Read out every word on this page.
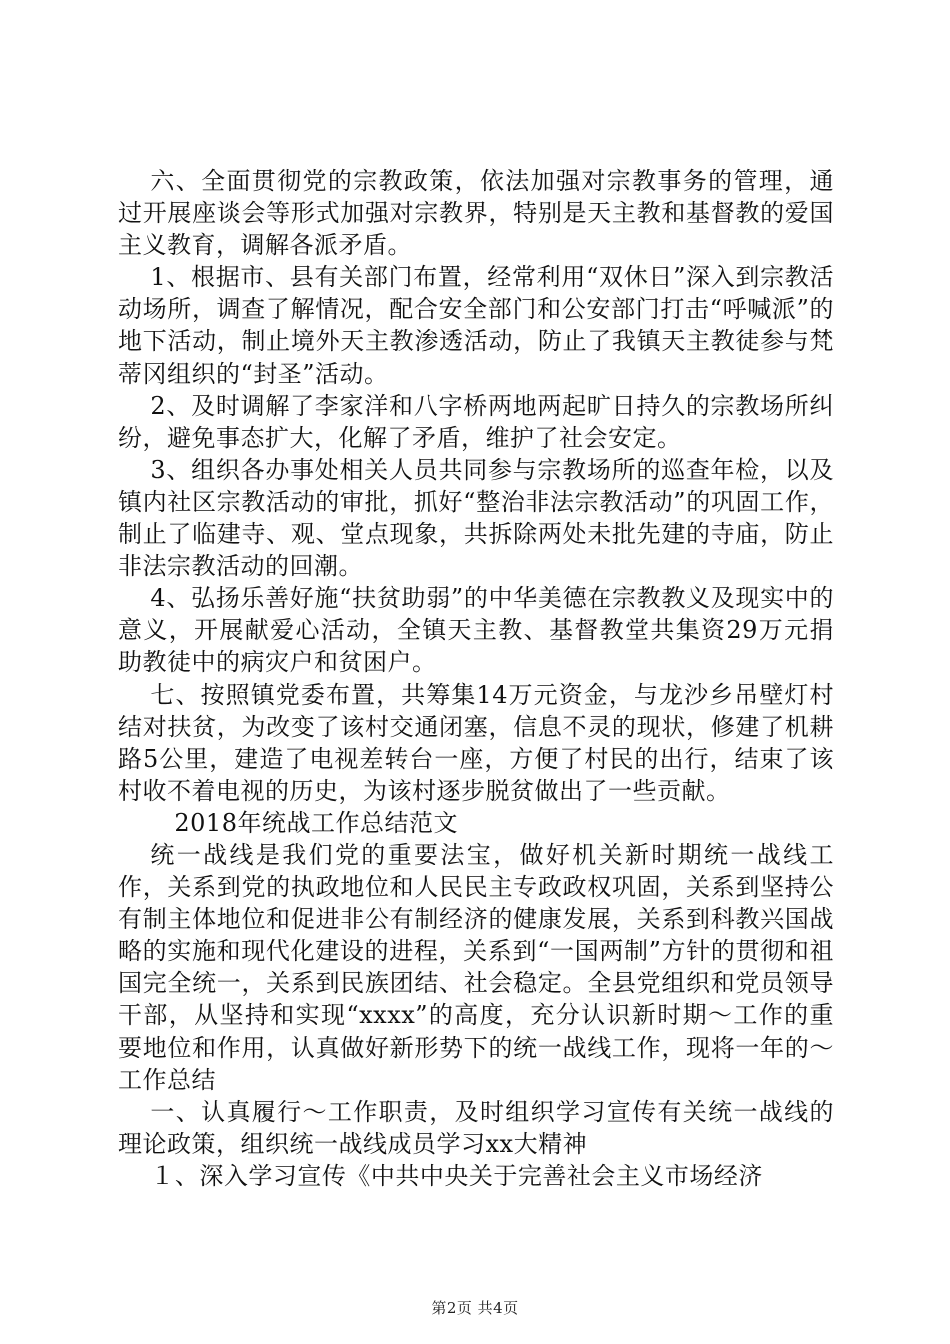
六、全面贯彻党的宗教政策，依法加强对宗教事务的管理，通过开展座谈会等形式加强对宗教界，特别是天主教和基督教的爱国主义教育，调解各派矛盾。

1、根据市、县有关部门布置，经常利用“双休日”深入到宗教活动场所，调查了解情况，配合安全部门和公安部门打击“呼喊派”的地下活动，制止境外天主教渗透活动，防止了我镇天主教徒参与梵蒂冈组织的“封圣”活动。

2、及时调解了李家洋和八字桥两地两起旷日持久的宗教场所纠纷，避免事态扩大，化解了矛盾，维护了社会安定。

3、组织各办事处相关人员共同参与宗教场所的巡查年检，以及镇内社区宗教活动的审批，抓好“整治非法宗教活动”的巩固工作，制止了临建寺、观、堂点现象，共拆除两处未批先建的寺庙，防止非法宗教活动的回潮。

4、弘扬乐善好施“扶贫助弱”的中华美德在宗教教义及现实中的意义，开展献爱心活动，全镇天主教、基督教堂共集资29万元捐助教徒中的病灾户和贫困户。

七、按照镇党委布置，共筹集14万元资金，与龙沙乡吊壁灯村结对扶贫，为改变了该村交通闭塞，信息不灵的现状，修建了机耕路5公里，建造了电视差转台一座，方便了村民的出行，结束了该村收不着电视的历史，为该村逐步脱贫做出了一些贡献。

2018年统战工作总结范文

统一战线是我们党的重要法宝，做好机关新时期统一战线工作，关系到党的执政地位和人民民主专政政权巩固，关系到坚持公有制主体地位和促进非公有制经济的健康发展，关系到科教兴国战略的实施和现代化建设的进程，关系到“一国两制”方针的贯彻和祖国完全统一，关系到民族团结、社会稳定。全县党组织和党员领导干部，从坚持和实现“xxxx”的高度，充分认识新时期～工作的重要地位和作用，认真做好新形势下的统一战线工作，现将一年的～工作总结

一、认真履行～工作职责，及时组织学习宣传有关统一战线的理论政策，组织统一战线成员学习xx大精神

１、深入学习宣传《中共中央关于完善社会主义市场经济

第2页 共4页
